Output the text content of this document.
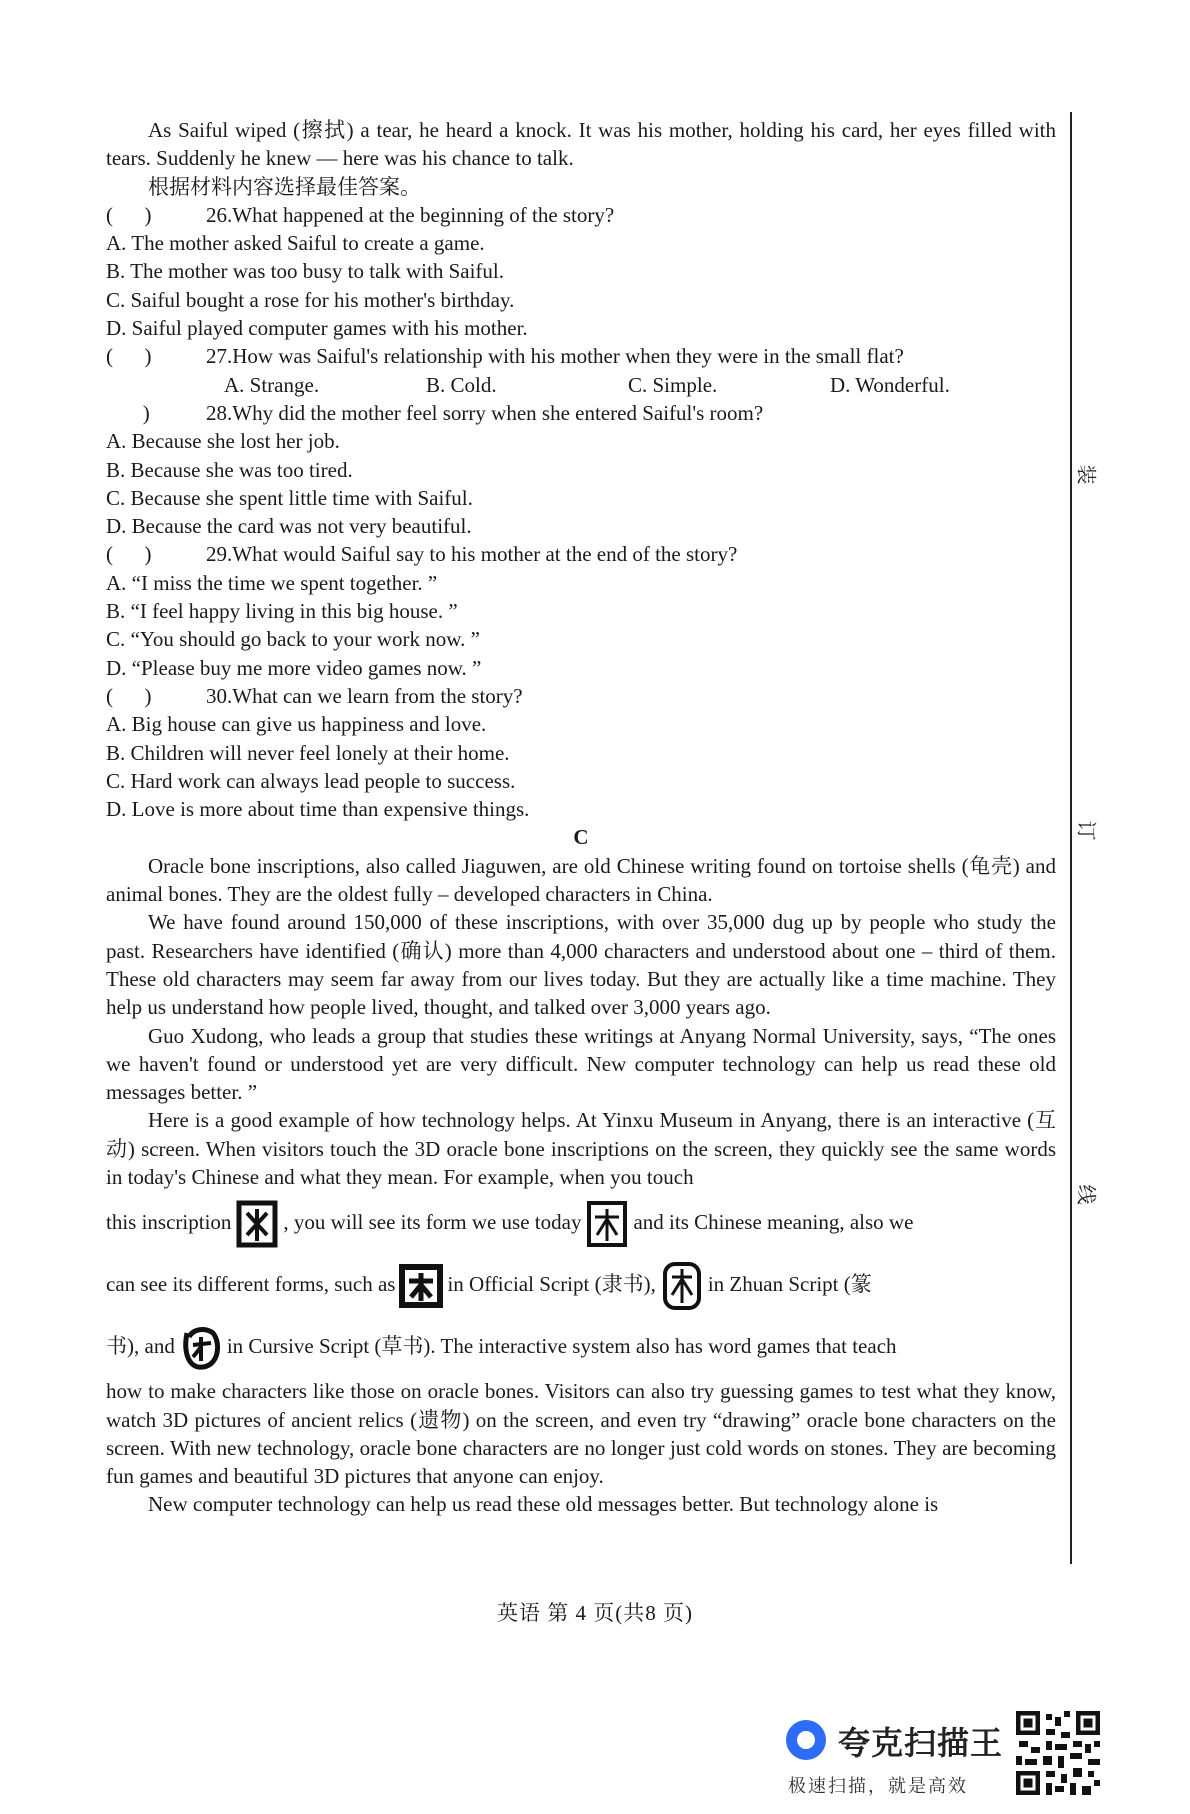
As Saiful wiped (擦拭) a tear, he heard a knock. It was his mother, holding his card, her eyes filled with tears. Suddenly he knew — here was his chance to talk.

根据材料内容选择最佳答案。

(      )	26.What happened at the beginning of the story?

A. The mother asked Saiful to create a game.

B. The mother was too busy to talk with Saiful.

C. Saiful bought a rose for his mother's birthday.

D. Saiful played computer games with his mother.

(      )	27.How was Saiful's relationship with his mother when they were in the small flat?
A. Strange.	B. Cold.	C. Simple.	D. Wonderful.
)	28.Why did the mother feel sorry when she entered Saiful's room?

A. Because she lost her job.

B. Because she was too tired.

C. Because she spent little time with Saiful.

D. Because the card was not very beautiful.

(      )	29.What would Saiful say to his mother at the end of the story?

A. “I miss the time we spent together. ”

B. “I feel happy living in this big house. ”

C. “You should go back to your work now. ”

D. “Please buy me more video games now. ”

(      )	30.What can we learn from the story?

A. Big house can give us happiness and love.

B. Children will never feel lonely at their home.

C. Hard work can always lead people to success.

D. Love is more about time than expensive things.

C

Oracle bone inscriptions, also called Jiaguwen, are old Chinese writing found on tortoise shells (龟壳) and animal bones. They are the oldest fully – developed characters in China.

We have found around 150,000 of these inscriptions, with over 35,000 dug up by people who study the past. Researchers have identified (确认) more than 4,000 characters and understood about one – third of them. These old characters may seem far away from our lives today. But they are actually like a time machine. They help us understand how people lived, thought, and talked over 3,000 years ago.

Guo Xudong, who leads a group that studies these writings at Anyang Normal University, says, “The ones we haven't found or understood yet are very difficult. New computer technology can help us read these old messages better. ”

Here is a good example of how technology helps. At Yinxu Museum in Anyang, there is an interactive (互动) screen. When visitors touch the 3D oracle bone inscriptions on the screen, they quickly see the same words in today's Chinese and what they mean. For example, when you touch

this inscription , you will see its form we use today and its Chinese meaning, also we

can see its different forms, such as in Official Script (隶书), in Zhuan Script (篆

书), and in Cursive Script (草书). The interactive system also has word games that teach

how to make characters like those on oracle bones. Visitors can also try guessing games to test what they know, watch 3D pictures of ancient relics (遗物) on the screen, and even try “drawing” oracle bone characters on the screen. With new technology, oracle bone characters are no longer just cold words on stones. They are becoming fun games and beautiful 3D pictures that anyone can enjoy.

New computer technology can help us read these old messages better. But technology alone is

装
订
线
英语 第 4 页(共8 页)
夸克扫描王
极速扫描，就是高效
